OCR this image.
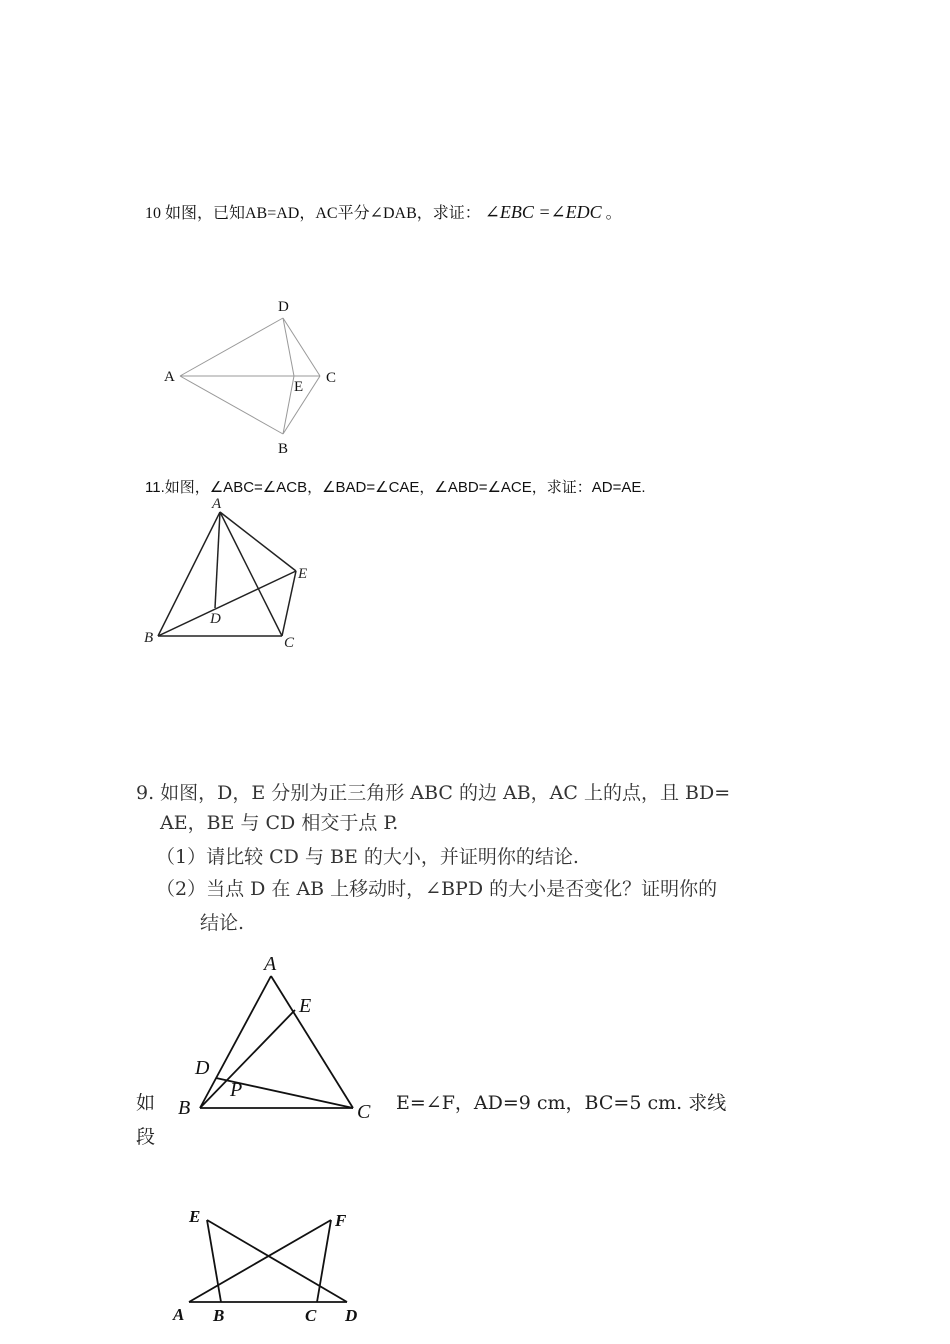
10 如图，已知AB=AD，AC平分∠DAB，求证： ∠EBC =∠EDC 。
D
A	C
E
B
11.如图，∠ABC=∠ACB，∠BAD=∠CAE，∠ABD=∠ACE，求证：AD=AE.
A
B	C
D
E
9. 如图，D，E 分别为正三角形 ABC 的边 AB，AC 上的点，且 BD=
AE，BE 与 CD 相交于点 P.
（1）请比较 CD 与 BE 的大小，并证明你的结论.
（2）当点 D 在 AB 上移动时，∠BPD 的大小是否变化？证明你的
结论.
E=∠F，AD=9 cm，BC=5 cm. 求线
如
段
A
E
D
P
B	C
E	F
A B	C D
